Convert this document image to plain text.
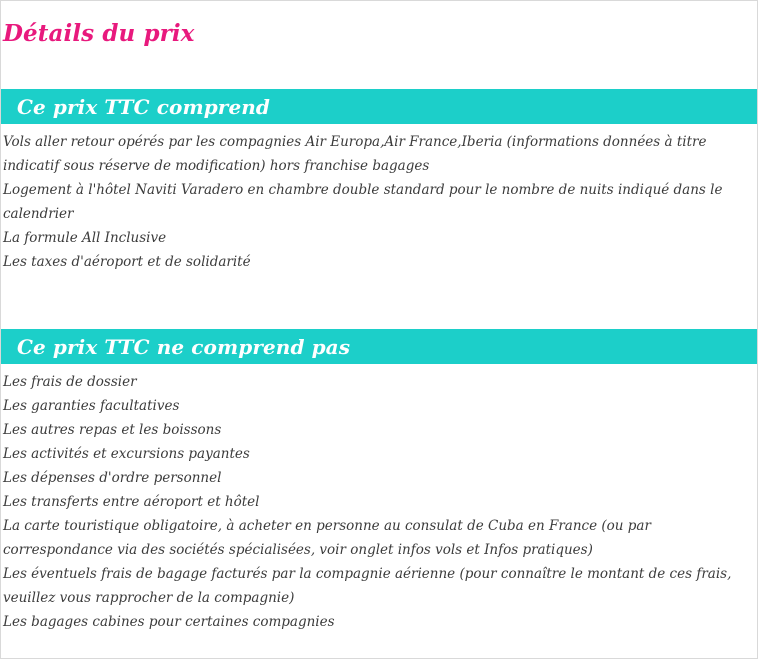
Détails du prix
Ce prix TTC comprend

Vols aller retour opérés par les compagnies Air Europa,Air France,Iberia (informations données à titre indicatif sous réserve de modification) hors franchise bagages

Logement à l'hôtel Naviti Varadero en chambre double standard pour le nombre de nuits indiqué dans le calendrier

La formule All Inclusive

Les taxes d'aéroport et de solidarité

Ce prix TTC ne comprend pas

Les frais de dossier

Les garanties facultatives

Les autres repas et les boissons

Les activités et excursions payantes

Les dépenses d'ordre personnel

Les transferts entre aéroport et hôtel

La carte touristique obligatoire, à acheter en personne au consulat de Cuba en France (ou par correspondance via des sociétés spécialisées, voir onglet infos vols et Infos pratiques)

Les éventuels frais de bagage facturés par la compagnie aérienne (pour connaître le montant de ces frais, veuillez vous rapprocher de la compagnie)

Les bagages cabines pour certaines compagnies
